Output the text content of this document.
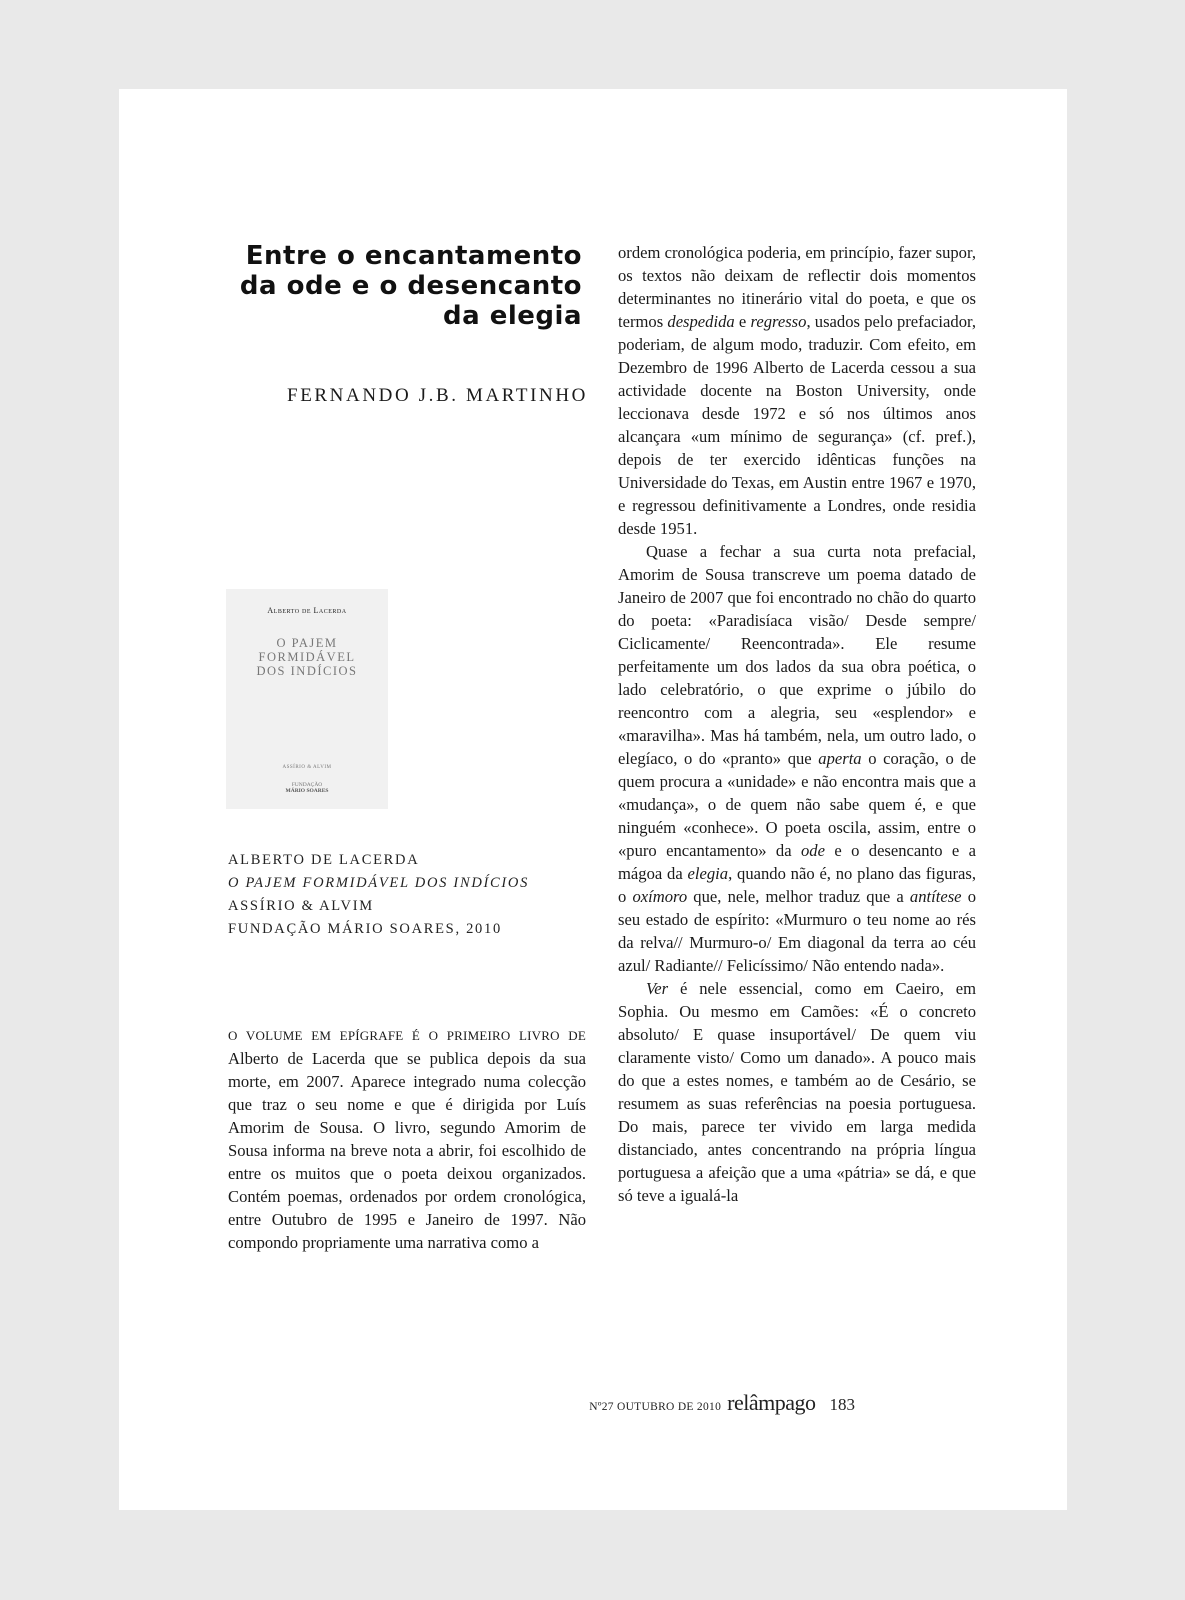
Entre o encantamento
da ode e o desencanto
da elegia

FERNANDO J.B. MARTINHO

Alberto de Lacerda
O PAJEM
FORMIDÁVEL
DOS INDÍCIOS
ASSÍRIO & ALVIM
FUNDAÇÃO
MÁRIO SOARES
ALBERTO DE LACERDA
O PAJEM FORMIDÁVEL DOS INDÍCIOS
ASSÍRIO & ALVIM
FUNDAÇÃO MÁRIO SOARES, 2010

O VOLUME EM EPÍGRAFE É O PRIMEIRO LIVRO DE Alberto de Lacerda que se publica depois da sua morte, em 2007. Aparece integrado numa colecção que traz o seu nome e que é dirigida por Luís Amorim de Sousa. O livro, segundo Amorim de Sousa informa na breve nota a abrir, foi escolhido de entre os muitos que o poeta deixou organizados. Contém poemas, ordenados por ordem cronológica, entre Outubro de 1995 e Janeiro de 1997. Não compondo propriamente uma narrativa como a

ordem cronológica poderia, em princípio, fazer supor, os textos não deixam de reflectir dois momentos determinantes no itinerário vital do poeta, e que os termos despedida e regresso, usados pelo prefaciador, poderiam, de algum modo, traduzir. Com efeito, em Dezembro de 1996 Alberto de Lacerda cessou a sua actividade docente na Boston University, onde leccionava desde 1972 e só nos últimos anos alcançara «um mínimo de segurança» (cf. pref.), depois de ter exercido idênticas funções na Universidade do Texas, em Austin entre 1967 e 1970, e regressou definitivamente a Londres, onde residia desde 1951.

Quase a fechar a sua curta nota prefacial, Amorim de Sousa transcreve um poema datado de Janeiro de 2007 que foi encontrado no chão do quarto do poeta: «Paradisíaca visão/ Desde sempre/ Ciclicamente/ Reencontrada». Ele resume perfeitamente um dos lados da sua obra poética, o lado celebratório, o que exprime o júbilo do reencontro com a alegria, seu «esplendor» e «maravilha». Mas há também, nela, um outro lado, o elegíaco, o do «pranto» que aperta o coração, o de quem procura a «unidade» e não encontra mais que a «mudança», o de quem não sabe quem é, e que ninguém «conhece». O poeta oscila, assim, entre o «puro encantamento» da ode e o desencanto e a mágoa da elegia, quando não é, no plano das figuras, o oxímoro que, nele, melhor traduz que a antítese o seu estado de espírito: «Murmuro o teu nome ao rés da relva// Murmuro-o/ Em diagonal da terra ao céu azul/ Radiante// Felicíssimo/ Não entendo nada».

Ver é nele essencial, como em Caeiro, em Sophia. Ou mesmo em Camões: «É o concreto absoluto/ E quase insuportável/ De quem viu claramente visto/ Como um danado». A pouco mais do que a estes nomes, e também ao de Cesário, se resumem as suas referências na poesia portuguesa. Do mais, parece ter vivido em larga medida distanciado, antes concentrando na própria língua portuguesa a afeição que a uma «pátria» se dá, e que só teve a igualá-la

Nº27 OUTUBRO DE 2010 relâmpago 183
